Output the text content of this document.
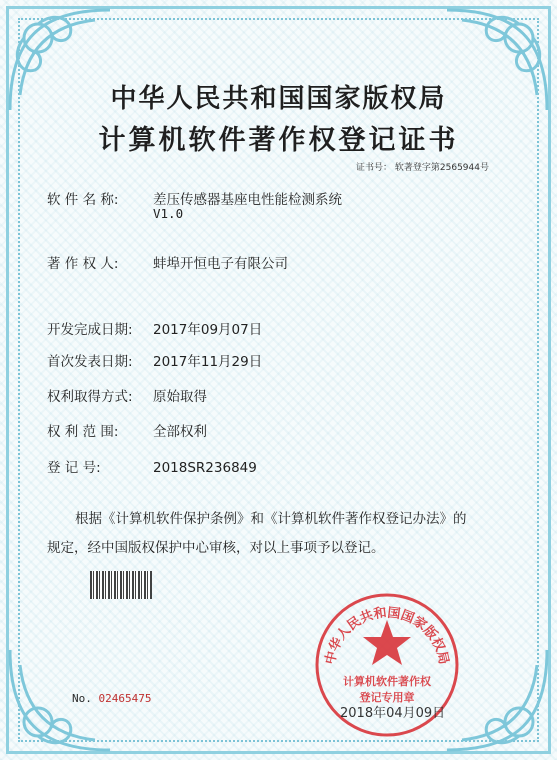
中华人民共和国国家版权局
计算机软件著作权登记证书
证书号： 软著登字第2565944号
软 件 名 称:	差压传感器基座电性能检测系统
V1.0
著 作 权 人:	蚌埠开恒电子有限公司
开发完成日期: 2017年09月07日
首次发表日期: 2017年11月29日
权利取得方式: 原始取得
权 利 范 围:	全部权利
登 记 号:	2018SR236849
根据《计算机软件保护条例》和《计算机软件著作权登记办法》的
规定，经中国版权保护中心审核，对以上事项予以登记。
中华人民共和国国家版权局
计算机软件著作权
登记专用章
No. 02465475
2018年04月09日
